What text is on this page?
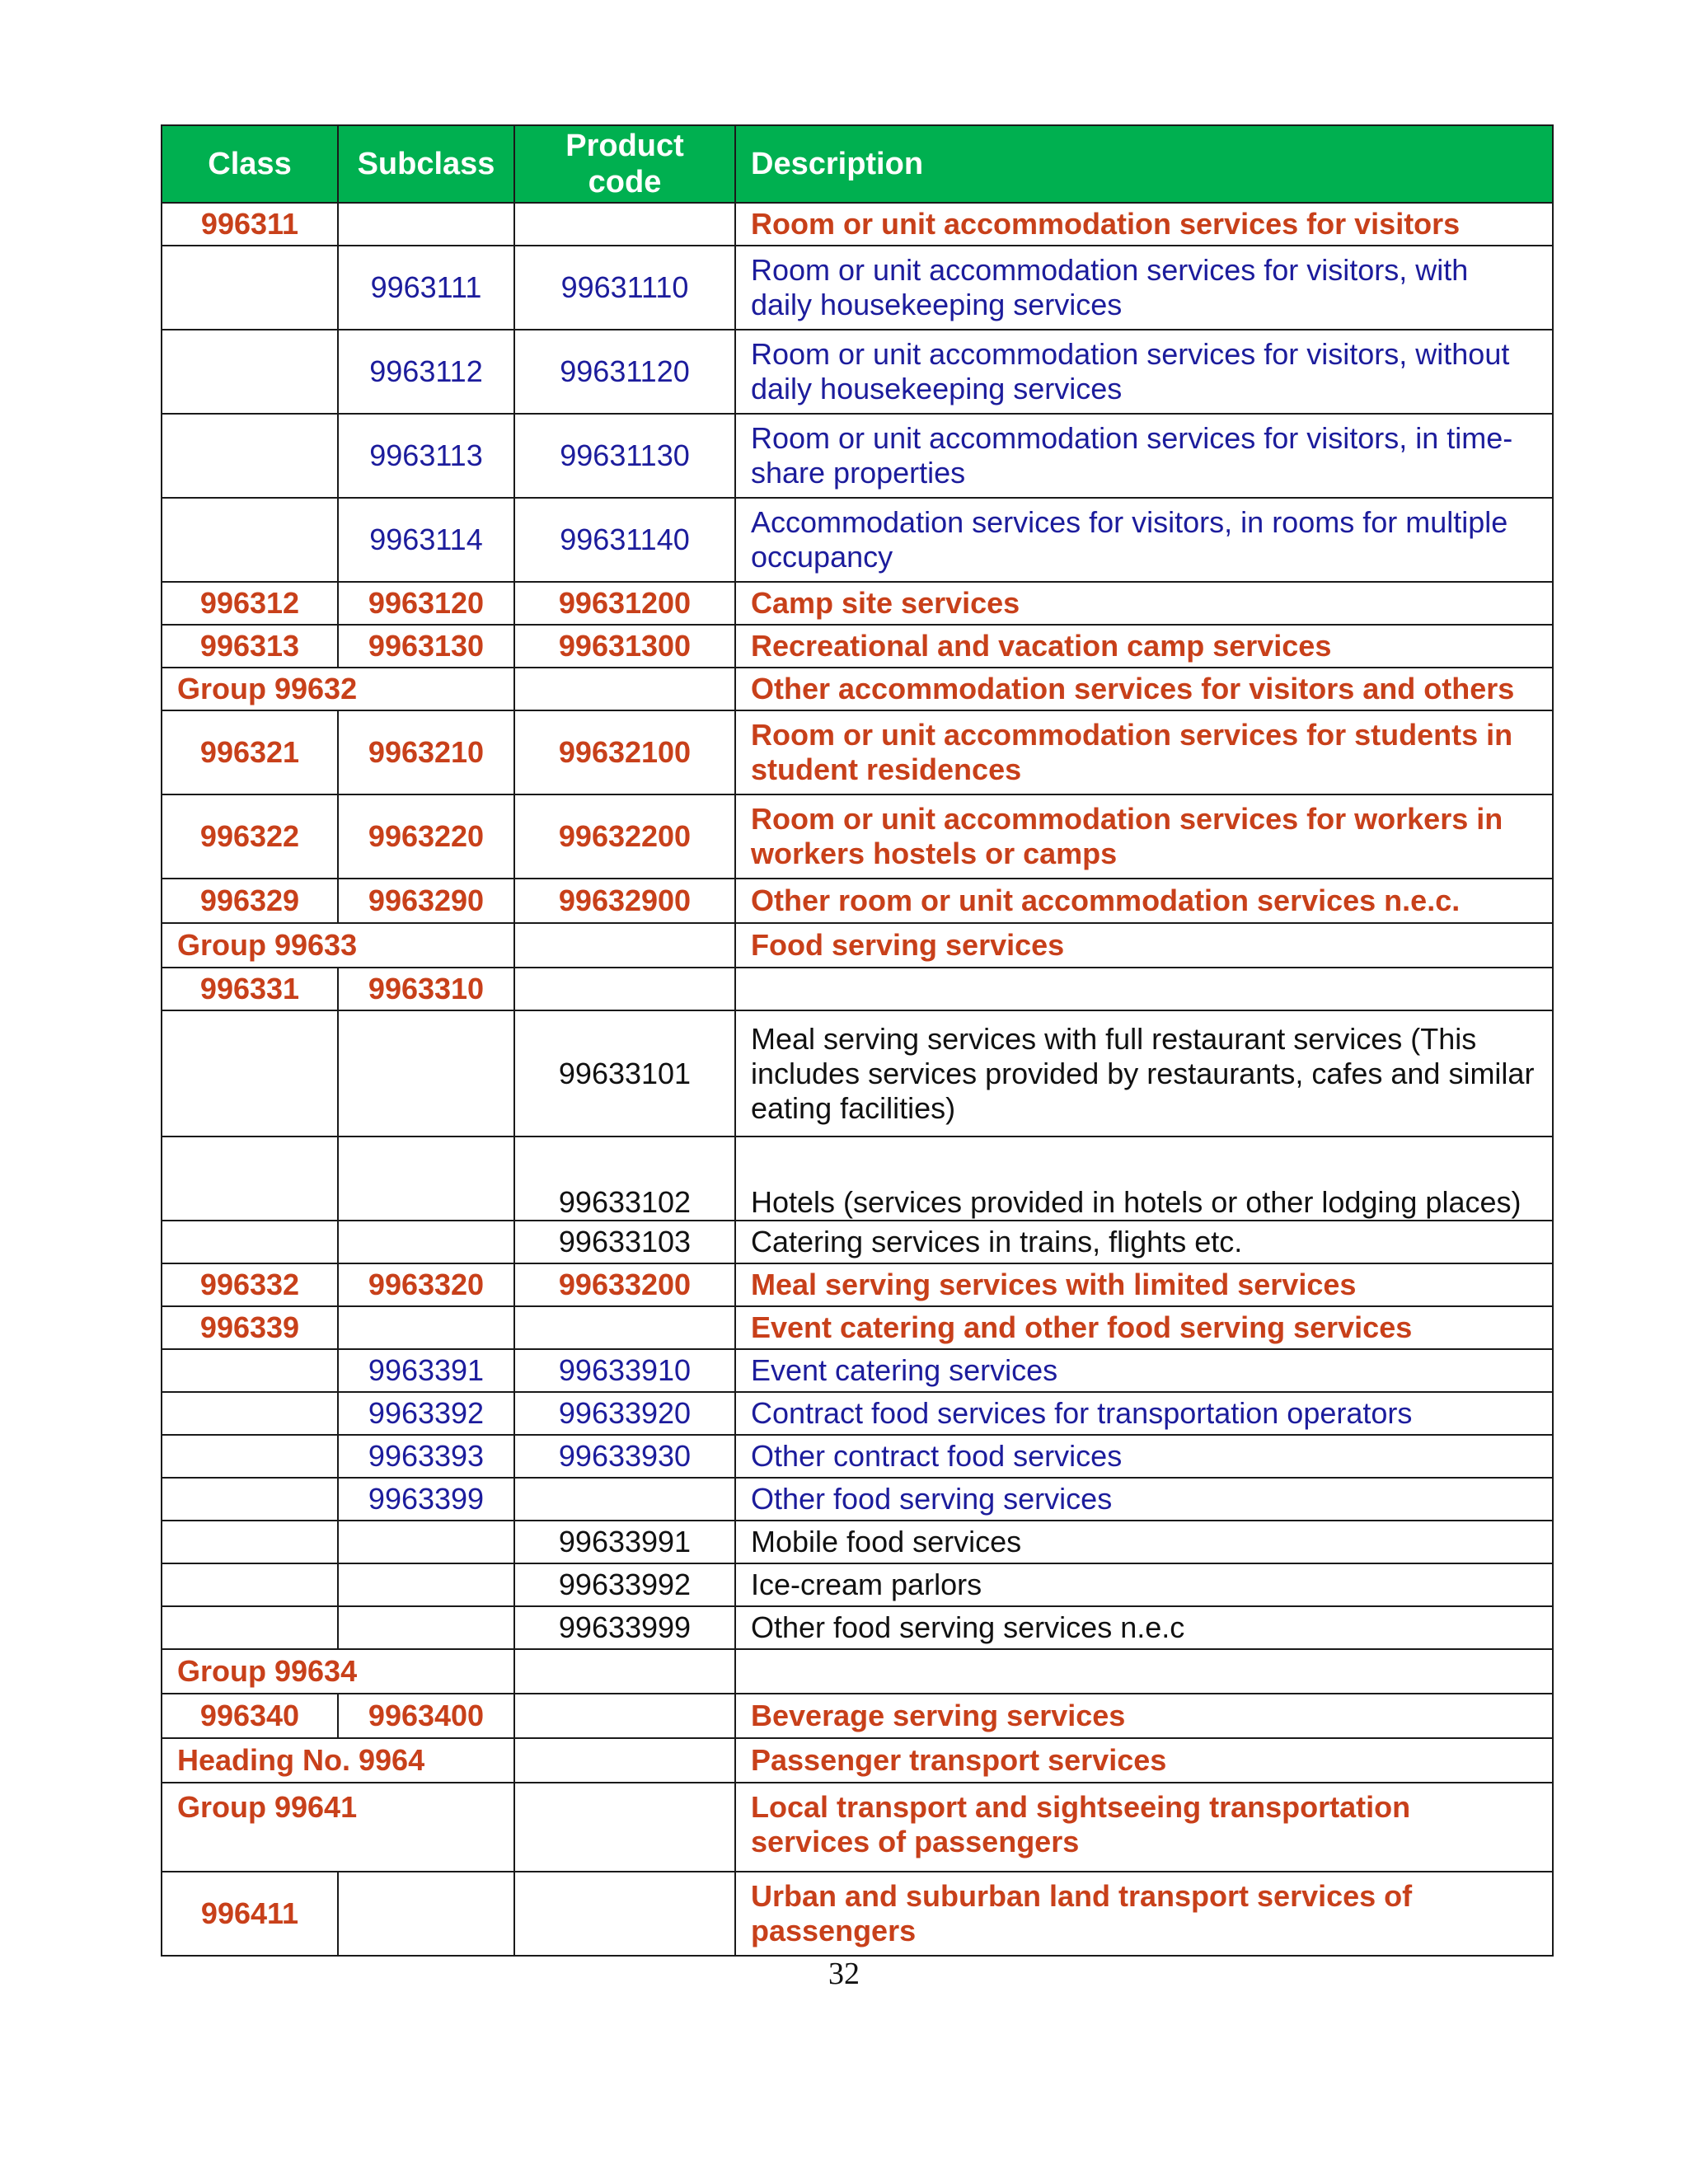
Class	Subclass	Product code	Description
996311			Room or unit accommodation services for visitors
	9963111	99631110	Room or unit accommodation services for visitors, with daily housekeeping services
	9963112	99631120	Room or unit accommodation services for visitors, without daily housekeeping services
	9963113	99631130	Room or unit accommodation services for visitors, in time-share properties
	9963114	99631140	Accommodation services for visitors, in rooms for multiple occupancy
996312	9963120	99631200	Camp site services
996313	9963130	99631300	Recreational and vacation camp services
Group 99632			Other accommodation services for visitors and others
996321	9963210	99632100	Room or unit accommodation services for students in student residences
996322	9963220	99632200	Room or unit accommodation services for workers in workers hostels or camps
996329	9963290	99632900	Other room or unit accommodation services n.e.c.
Group 99633			Food serving services
996331	9963310		
		99633101	Meal serving services with full restaurant services (This includes services provided by restaurants, cafes and similar eating facilities)
		99633102	Hotels (services provided in hotels or other lodging places)
		99633103	Catering services in trains, flights etc.
996332	9963320	99633200	Meal serving services with limited services
996339			Event catering and other food serving services
	9963391	99633910	Event catering services
	9963392	99633920	Contract food services for transportation operators
	9963393	99633930	Other contract food services
	9963399		Other food serving services
		99633991	Mobile food services
		99633992	Ice-cream parlors
		99633999	Other food serving services n.e.c
Group 99634			
996340	9963400		Beverage serving services
Heading No. 9964			Passenger transport services
Group 99641			Local transport and sightseeing transportation services of passengers
996411			Urban and suburban land transport services of passengers
32
